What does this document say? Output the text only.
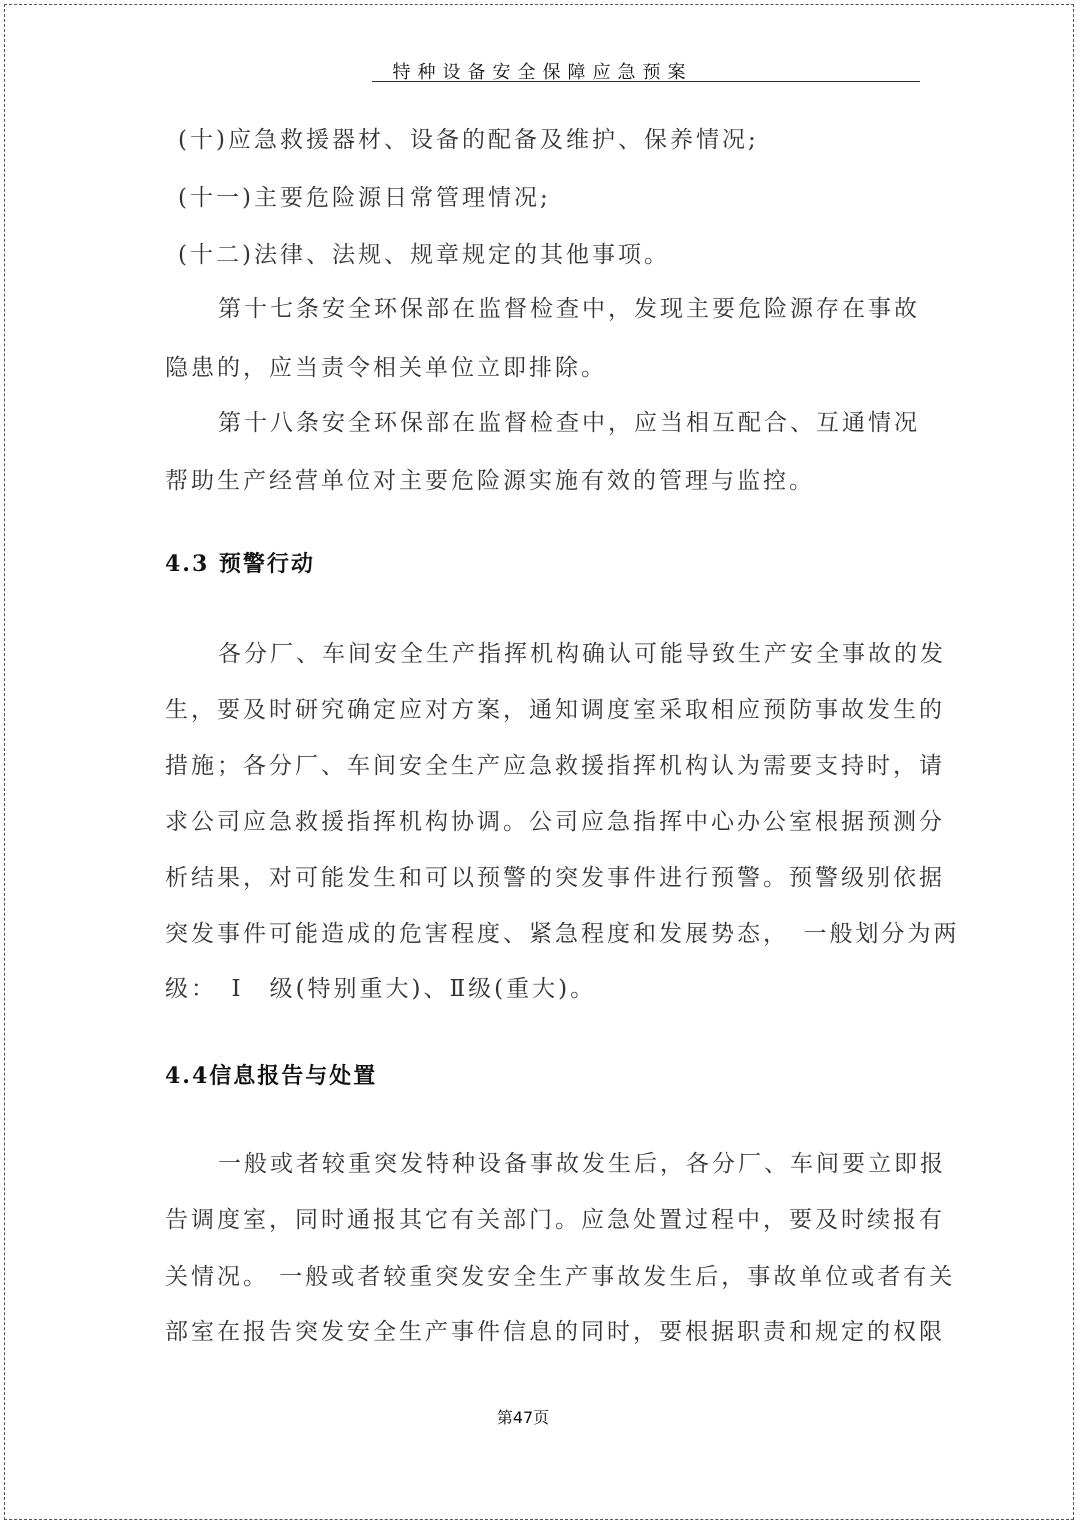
特种设备安全保障应急预案
(十)应急救援器材、设备的配备及维护、保养情况;
(十一)主要危险源日常管理情况;
(十二)法律、法规、规章规定的其他事项。
第十七条安全环保部在监督检查中，发现主要危险源存在事故
隐患的，应当责令相关单位立即排除。
第十八条安全环保部在监督检查中，应当相互配合、互通情况
帮助生产经营单位对主要危险源实施有效的管理与监控。
4.3 预警行动
各分厂、车间安全生产指挥机构确认可能导致生产安全事故的发
生，要及时研究确定应对方案，通知调度室采取相应预防事故发生的
措施；各分厂、车间安全生产应急救援指挥机构认为需要支持时，请
求公司应急救援指挥机构协调。公司应急指挥中心办公室根据预测分
析结果，对可能发生和可以预警的突发事件进行预警。预警级别依据
突发事件可能造成的危害程度、紧急程度和发展势态，　一般划分为两
级：　Ⅰ　级(特别重大)、Ⅱ级(重大)。
4.4信息报告与处置
一般或者较重突发特种设备事故发生后，各分厂、车间要立即报
告调度室，同时通报其它有关部门。应急处置过程中，要及时续报有
关情况。 一般或者较重突发安全生产事故发生后，事故单位或者有关
部室在报告突发安全生产事件信息的同时，要根据职责和规定的权限
第47页
